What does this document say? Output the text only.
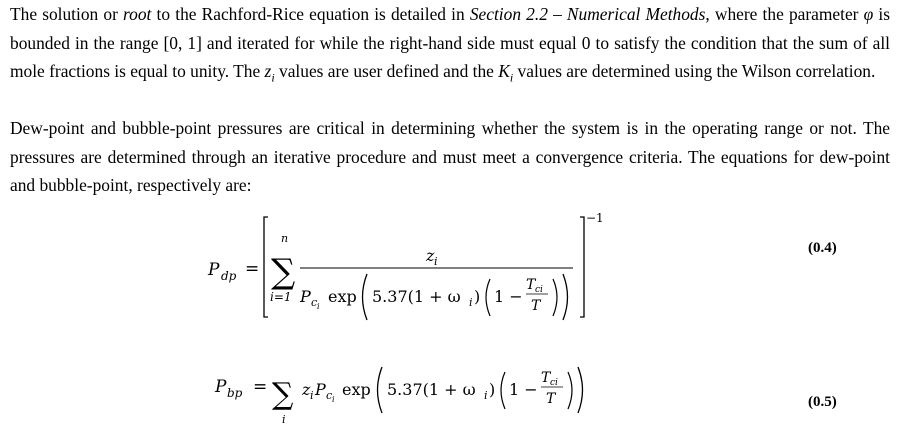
The solution or root to the Rachford-Rice equation is detailed in Section 2.2 – Numerical Methods, where the parameter φ is bounded in the range [0, 1] and iterated for while the right-hand side must equal 0 to satisfy the condition that the sum of all mole fractions is equal to unity. The $z_i$ values are user defined and the $K_i$ values are determined using the Wilson correlation.

Dew-point and bubble-point pressures are critical in determining whether the system is in the operating range or not. The pressures are determined through an iterative procedure and must meet a convergence criteria. The equations for dew-point and bubble-point, respectively are:

P dp =
−1
n
∑
i=1
z i
P c i
exp 5.37(1 + ω i ) 1 −
T ci
T
P bp = ∑
i
z i P c i
exp 5.37(1 + ω i ) 1 −
T ci
T
(0.4)
(0.5)
